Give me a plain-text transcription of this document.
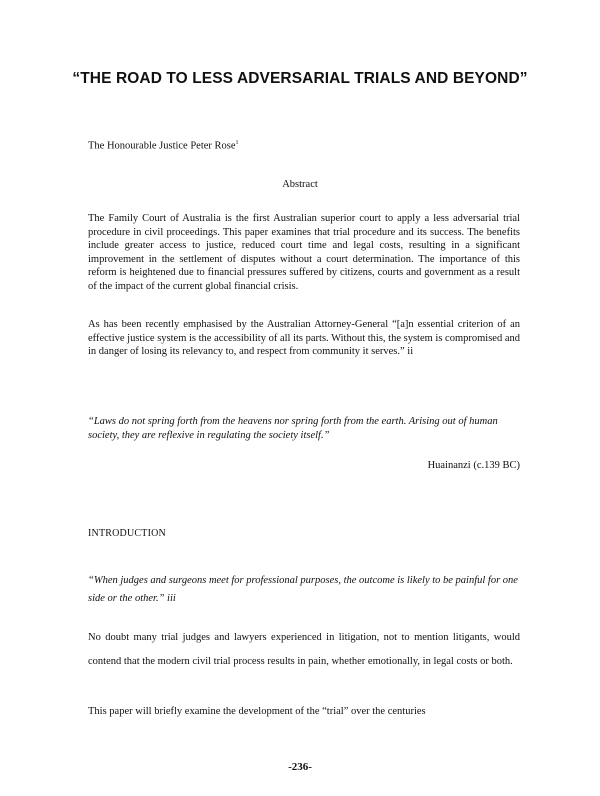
“THE ROAD TO LESS ADVERSARIAL TRIALS AND BEYOND”
The Honourable Justice Peter Rose$^1$
Abstract

The Family Court of Australia is the first Australian superior court to apply a less adversarial trial procedure in civil proceedings. This paper examines that trial procedure and its success. The benefits include greater access to justice, reduced court time and legal costs, resulting in a significant improvement in the settlement of disputes without a court determination. The importance of this reform is heightened due to financial pressures suffered by citizens, courts and government as a result of the impact of the current global financial crisis.

As has been recently emphasised by the Australian Attorney-General “[a]n essential criterion of an effective justice system is the accessibility of all its parts. Without this, the system is compromised and in danger of losing its relevancy to, and respect from community it serves.” ii

“Laws do not spring forth from the heavens nor spring forth from the earth. Arising out of human society, they are reflexive in regulating the society itself.”

Huainanzi (c.139 BC)
INTRODUCTION

“When judges and surgeons meet for professional purposes, the outcome is likely to be painful for one side or the other.” iii

No doubt many trial judges and lawyers experienced in litigation, not to mention litigants, would contend that the modern civil trial process results in pain, whether emotionally, in legal costs or both.

This paper will briefly examine the development of the “trial” over the centuries

-236-
